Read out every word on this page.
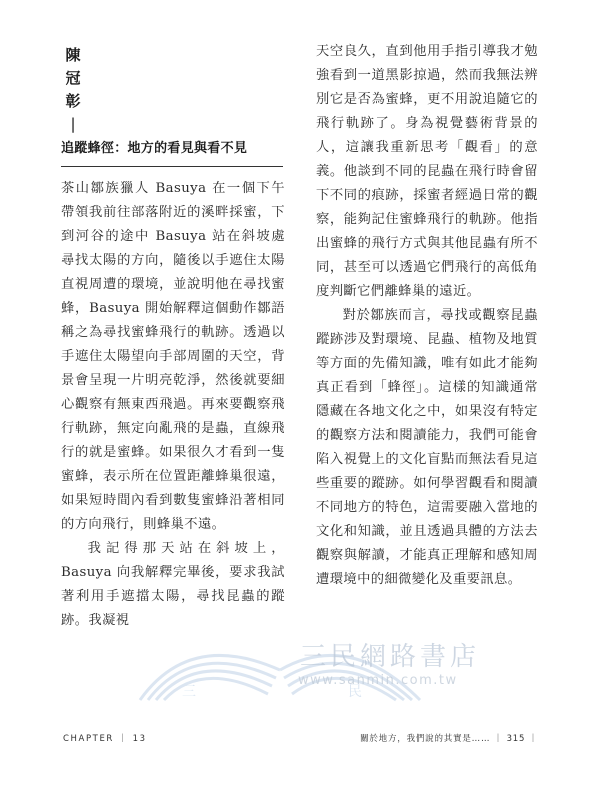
陳
冠
彰
|
追蹤蜂徑：地方的看見與看不見

茶山鄒族獵人 Basuya 在一個下午帶領我前往部落附近的溪畔採蜜，下到河谷的途中 Basuya 站在斜坡處尋找太陽的方向，隨後以手遮住太陽直視周遭的環境，並說明他在尋找蜜蜂，Basuya 開始解釋這個動作鄒語稱之為尋找蜜蜂飛行的軌跡。透過以手遮住太陽望向手部周圍的天空，背景會呈現一片明亮乾淨，然後就要細心觀察有無東西飛過。再來要觀察飛行軌跡，無定向亂飛的是蟲，直線飛行的就是蜜蜂。如果很久才看到一隻蜜蜂，表示所在位置距離蜂巢很遠，如果短時間內看到數隻蜜蜂沿著相同的方向飛行，則蜂巢不遠。

我記得那天站在斜坡上，Basuya 向我解釋完畢後，要求我試著利用手遮擋太陽，尋找昆蟲的蹤跡。我凝視

天空良久，直到他用手指引導我才勉強看到一道黑影掠過，然而我無法辨別它是否為蜜蜂，更不用說追隨它的飛行軌跡了。身為視覺藝術背景的人，這讓我重新思考「觀看」的意義。他談到不同的昆蟲在飛行時會留下不同的痕跡，採蜜者經過日常的觀察，能夠記住蜜蜂飛行的軌跡。他指出蜜蜂的飛行方式與其他昆蟲有所不同，甚至可以透過它們飛行的高低角度判斷它們離蜂巢的遠近。

對於鄒族而言，尋找或觀察昆蟲蹤跡涉及對環境、昆蟲、植物及地質等方面的先備知識，唯有如此才能夠真正看到「蜂徑」。這樣的知識通常隱藏在各地文化之中，如果沒有特定的觀察方法和閱讀能力，我們可能會陷入視覺上的文化盲點而無法看見這些重要的蹤跡。如何學習觀看和閱讀不同地方的特色，這需要融入當地的文化和知識，並且透過具體的方法去觀察與解讀，才能真正理解和感知周遭環境中的細微變化及重要訊息。

三	民
三民網路書店
www.sanmin.com.tw
CHAPTER ｜ 13	關於地方，我們說的其實是…… ｜ 315 ｜
